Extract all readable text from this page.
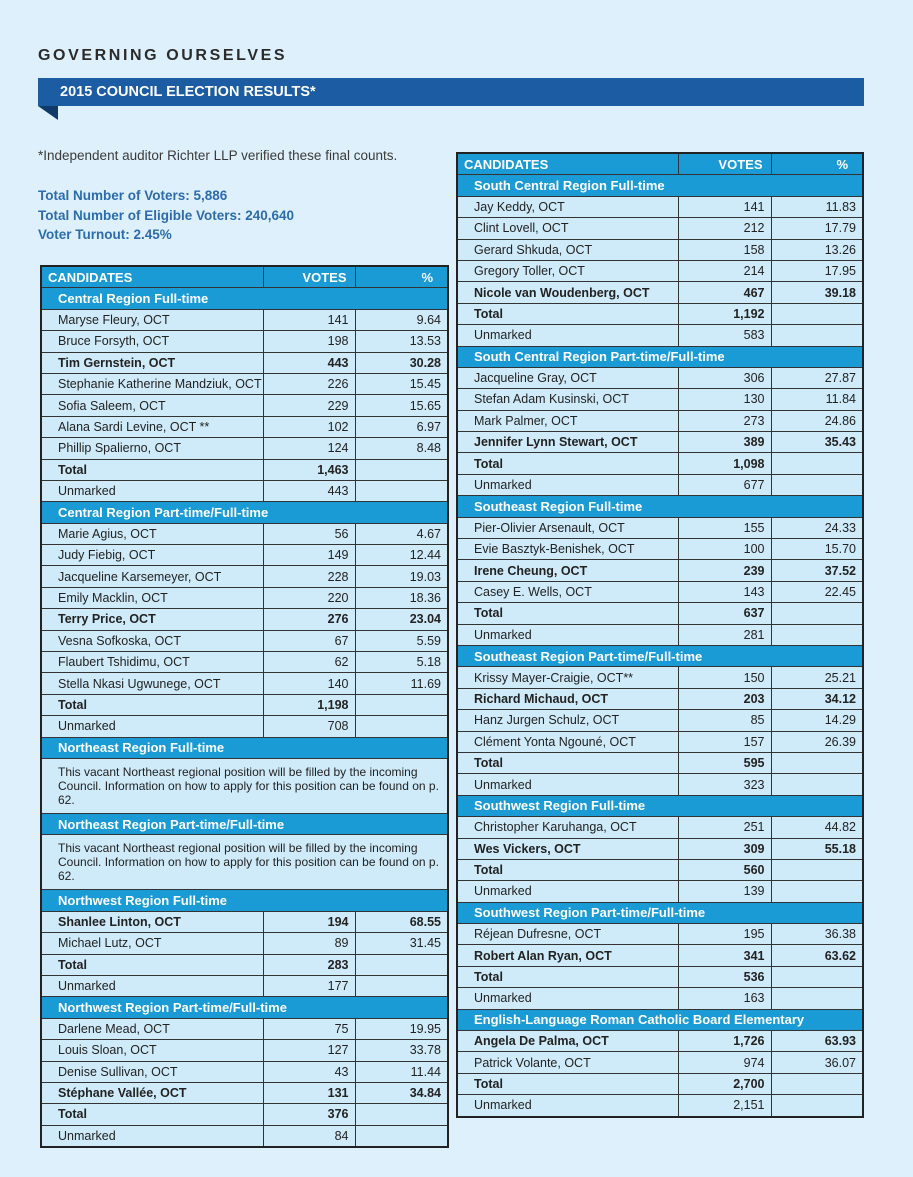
GOVERNING OURSELVES
2015 COUNCIL ELECTION RESULTS*
*Independent auditor Richter LLP verified these final counts.
Total Number of Voters: 5,886
Total Number of Eligible Voters: 240,640
Voter Turnout: 2.45%
CANDIDATES	VOTES	%
Central Region Full-time		
Maryse Fleury, OCT	141	9.64
Bruce Forsyth, OCT	198	13.53
Tim Gernstein, OCT	443	30.28
Stephanie Katherine Mandziuk, OCT	226	15.45
Sofia Saleem, OCT	229	15.65
Alana Sardi Levine, OCT **	102	6.97
Phillip Spalierno, OCT	124	8.48
Total	1,463	
Unmarked	443	
Central Region Part-time/Full-time		
Marie Agius, OCT	56	4.67
Judy Fiebig, OCT	149	12.44
Jacqueline Karsemeyer, OCT	228	19.03
Emily Macklin, OCT	220	18.36
Terry Price, OCT	276	23.04
Vesna Sofkoska, OCT	67	5.59
Flaubert Tshidimu, OCT	62	5.18
Stella Nkasi Ugwunege, OCT	140	11.69
Total	1,198	
Unmarked	708	
Northeast Region Full-time		
This vacant Northeast regional position will be filled by the incoming Council. Information on how to apply for this position can be found on p. 62.		
Northeast Region Part-time/Full-time		
This vacant Northeast regional position will be filled by the incoming Council. Information on how to apply for this position can be found on p. 62.		
Northwest Region Full-time		
Shanlee Linton, OCT	194	68.55
Michael Lutz, OCT	89	31.45
Total	283	
Unmarked	177	
Northwest Region Part-time/Full-time		
Darlene Mead, OCT	75	19.95
Louis Sloan, OCT	127	33.78
Denise Sullivan, OCT	43	11.44
Stéphane Vallée, OCT	131	34.84
Total	376	
Unmarked	84	
CANDIDATES	VOTES	%
South Central Region Full-time		
Jay Keddy, OCT	141	11.83
Clint Lovell, OCT	212	17.79
Gerard Shkuda, OCT	158	13.26
Gregory Toller, OCT	214	17.95
Nicole van Woudenberg, OCT	467	39.18
Total	1,192	
Unmarked	583	
South Central Region Part-time/Full-time		
Jacqueline Gray, OCT	306	27.87
Stefan Adam Kusinski, OCT	130	11.84
Mark Palmer, OCT	273	24.86
Jennifer Lynn Stewart, OCT	389	35.43
Total	1,098	
Unmarked	677	
Southeast Region Full-time		
Pier-Olivier Arsenault, OCT	155	24.33
Evie Basztyk-Benishek, OCT	100	15.70
Irene Cheung, OCT	239	37.52
Casey E. Wells, OCT	143	22.45
Total	637	
Unmarked	281	
Southeast Region Part-time/Full-time		
Krissy Mayer-Craigie, OCT**	150	25.21
Richard Michaud, OCT	203	34.12
Hanz Jurgen Schulz, OCT	85	14.29
Clément Yonta Ngouné, OCT	157	26.39
Total	595	
Unmarked	323	
Southwest Region Full-time		
Christopher Karuhanga, OCT	251	44.82
Wes Vickers, OCT	309	55.18
Total	560	
Unmarked	139	
Southwest Region Part-time/Full-time		
Réjean Dufresne, OCT	195	36.38
Robert Alan Ryan, OCT	341	63.62
Total	536	
Unmarked	163	
English-Language Roman Catholic Board Elementary		
Angela De Palma, OCT	1,726	63.93
Patrick Volante, OCT	974	36.07
Total	2,700	
Unmarked	2,151	
